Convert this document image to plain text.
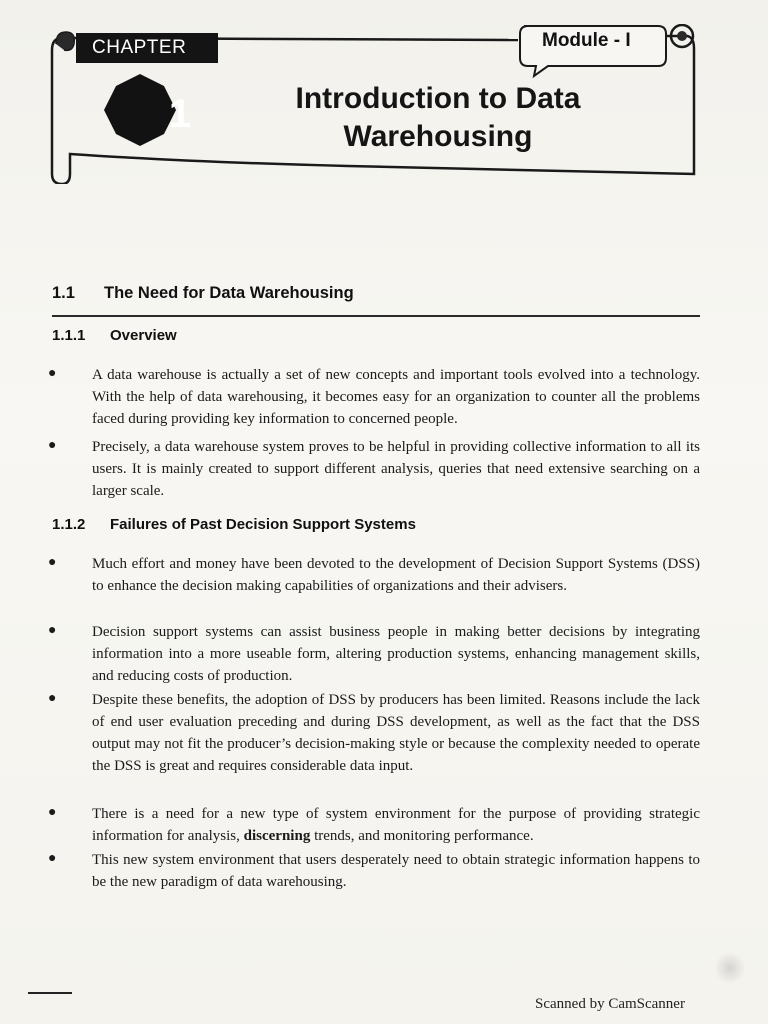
CHAPTER
1
Module - I
Introduction to Data
Warehousing
1.1 The Need for Data Warehousing
1.1.1 Overview
● A data warehouse is actually a set of new concepts and important tools evolved into a technology. With the help of data warehousing, it becomes easy for an organization to counter all the problems faced during providing key information to concerned people.
● Precisely, a data warehouse system proves to be helpful in providing collective information to all its users. It is mainly created to support different analysis, queries that need extensive searching on a larger scale.
1.1.2 Failures of Past Decision Support Systems
● Much effort and money have been devoted to the development of Decision Support Systems (DSS) to enhance the decision making capabilities of organizations and their advisers.
● Decision support systems can assist business people in making better decisions by integrating information into a more useable form, altering production systems, enhancing management skills, and reducing costs of production.
● Despite these benefits, the adoption of DSS by producers has been limited. Reasons include the lack of end user evaluation preceding and during DSS development, as well as the fact that the DSS output may not fit the producer’s decision-making style or because the complexity needed to operate the DSS is great and requires considerable data input.
● There is a need for a new type of system environment for the purpose of providing strategic information for analysis, discerning trends, and monitoring performance.
● This new system environment that users desperately need to obtain strategic information happens to be the new paradigm of data warehousing.
Scanned by CamScanner
